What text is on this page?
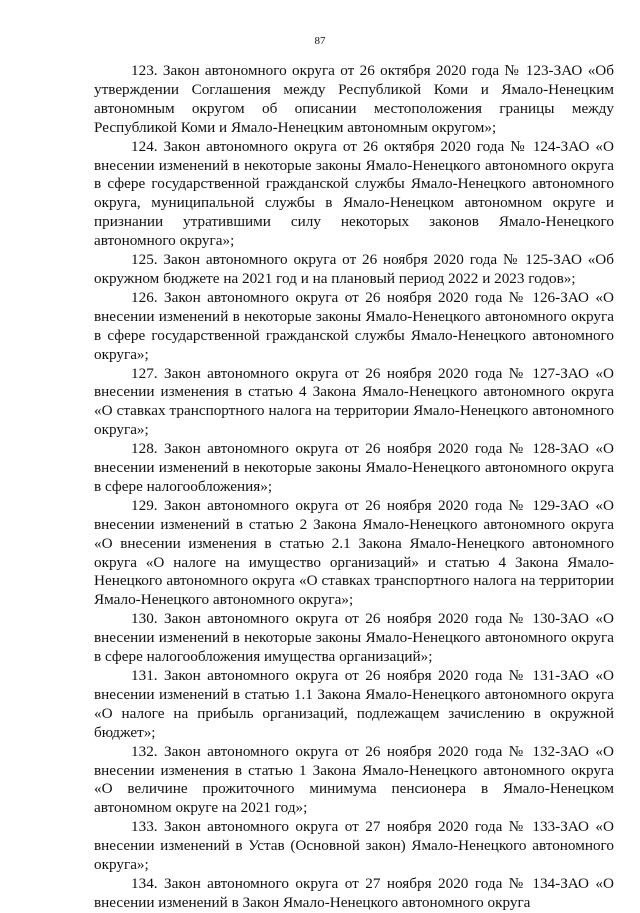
87

123. Закон автономного округа от 26 октября 2020 года № 123-ЗАО «Об утверждении Соглашения между Республикой Коми и Ямало-Ненецким автономным округом об описании местоположения границы между Республикой Коми и Ямало-Ненецким автономным округом»;

124. Закон автономного округа от 26 октября 2020 года № 124-ЗАО «О внесении изменений в некоторые законы Ямало-Ненецкого автономного округа в сфере государственной гражданской службы Ямало-Ненецкого автономного округа, муниципальной службы в Ямало-Ненецком автономном округе и признании утратившими силу некоторых законов Ямало-Ненецкого автономного округа»;

125. Закон автономного округа от 26 ноября 2020 года № 125-ЗАО «Об окружном бюджете на 2021 год и на плановый период 2022 и 2023 годов»;

126. Закон автономного округа от 26 ноября 2020 года № 126-ЗАО «О внесении изменений в некоторые законы Ямало-Ненецкого автономного округа в сфере государственной гражданской службы Ямало-Ненецкого автономного округа»;

127. Закон автономного округа от 26 ноября 2020 года № 127-ЗАО «О внесении изменения в статью 4 Закона Ямало-Ненецкого автономного округа «О ставках транспортного налога на территории Ямало-Ненецкого автономного округа»;

128. Закон автономного округа от 26 ноября 2020 года № 128-ЗАО «О внесении изменений в некоторые законы Ямало-Ненецкого автономного округа в сфере налогообложения»;

129. Закон автономного округа от 26 ноября 2020 года № 129-ЗАО «О внесении изменений в статью 2 Закона Ямало-Ненецкого автономного округа «О внесении изменения в статью 2.1 Закона Ямало-Ненецкого автономного округа «О налоге на имущество организаций» и статью 4 Закона Ямало-Ненецкого автономного округа «О ставках транспортного налога на территории Ямало-Ненецкого автономного округа»;

130. Закон автономного округа от 26 ноября 2020 года № 130-ЗАО «О внесении изменений в некоторые законы Ямало-Ненецкого автономного округа в сфере налогообложения имущества организаций»;

131. Закон автономного округа от 26 ноября 2020 года № 131-ЗАО «О внесении изменений в статью 1.1 Закона Ямало-Ненецкого автономного округа «О налоге на прибыль организаций, подлежащем зачислению в окружной бюджет»;

132. Закон автономного округа от 26 ноября 2020 года № 132-ЗАО «О внесении изменения в статью 1 Закона Ямало-Ненецкого автономного округа «О величине прожиточного минимума пенсионера в Ямало-Ненецком автономном округе на 2021 год»;

133. Закон автономного округа от 27 ноября 2020 года № 133-ЗАО «О внесении изменений в Устав (Основной закон) Ямало-Ненецкого автономного округа»;

134. Закон автономного округа от 27 ноября 2020 года № 134-ЗАО «О внесении изменений в Закон Ямало-Ненецкого автономного округа
